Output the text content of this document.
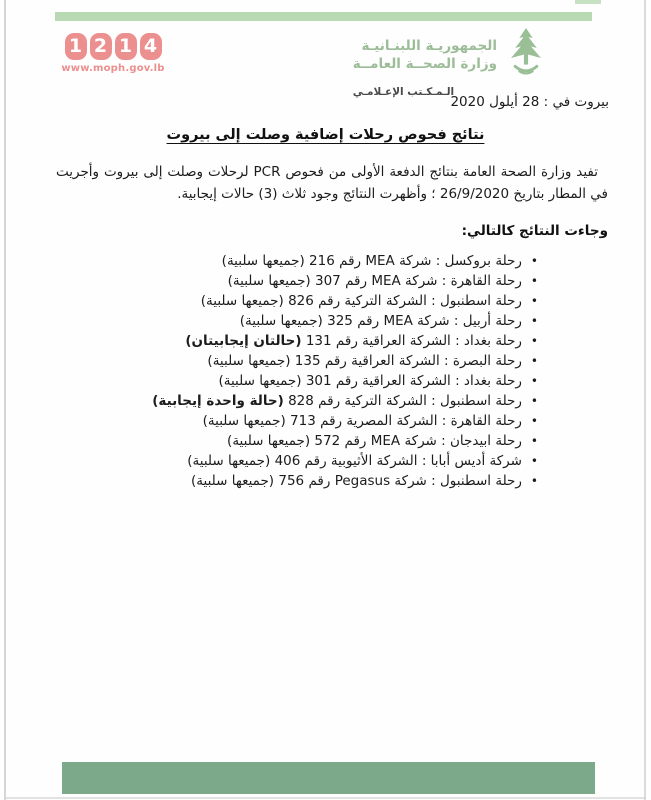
1 2 1 4
www.moph.gov.lb
الجمهوريـة اللبنـانيـة
وزارة الصحــة العامــة
الـمـكـتب الإعـلامـي
بيروت في : 28 أيلول 2020
نتائج فحوص رحلات إضافية وصلت إلى بيروت
تفيد وزارة الصحة العامة بنتائج الدفعة الأولى من فحوص PCR لرحلات وصلت إلى بيروت وأجريت في المطار بتاريخ 26/9/2020 ؛ وأظهرت النتائج وجود ثلاث (3) حالات إيجابية.
وجاءت النتائج كالتالي:
•رحلة بروكسل : شركة MEA رقم 216 (جميعها سلبية)
•رحلة القاهرة : شركة MEA رقم 307 (جميعها سلبية)
•رحلة اسطنبول : الشركة التركية رقم 826 (جميعها سلبية)
•رحلة أربيل : شركة MEA رقم 325 (جميعها سلبية)
•رحلة بغداد : الشركة العراقية رقم 131 (حالتان إيجابيتان)
•رحلة البصرة : الشركة العراقية رقم 135 (جميعها سلبية)
•رحلة بغداد : الشركة العراقية رقم 301 (جميعها سلبية)
•رحلة اسطنبول : الشركة التركية رقم 828 (حالة واحدة إيجابية)
•رحلة القاهرة : الشركة المصرية رقم 713 (جميعها سلبية)
•رحلة ابيدجان : شركة MEA رقم 572 (جميعها سلبية)
•شركة أديس أبابا : الشركة الأثيوبية رقم 406 (جميعها سلبية)
•رحلة اسطنبول : شركة Pegasus رقم 756 (جميعها سلبية)
